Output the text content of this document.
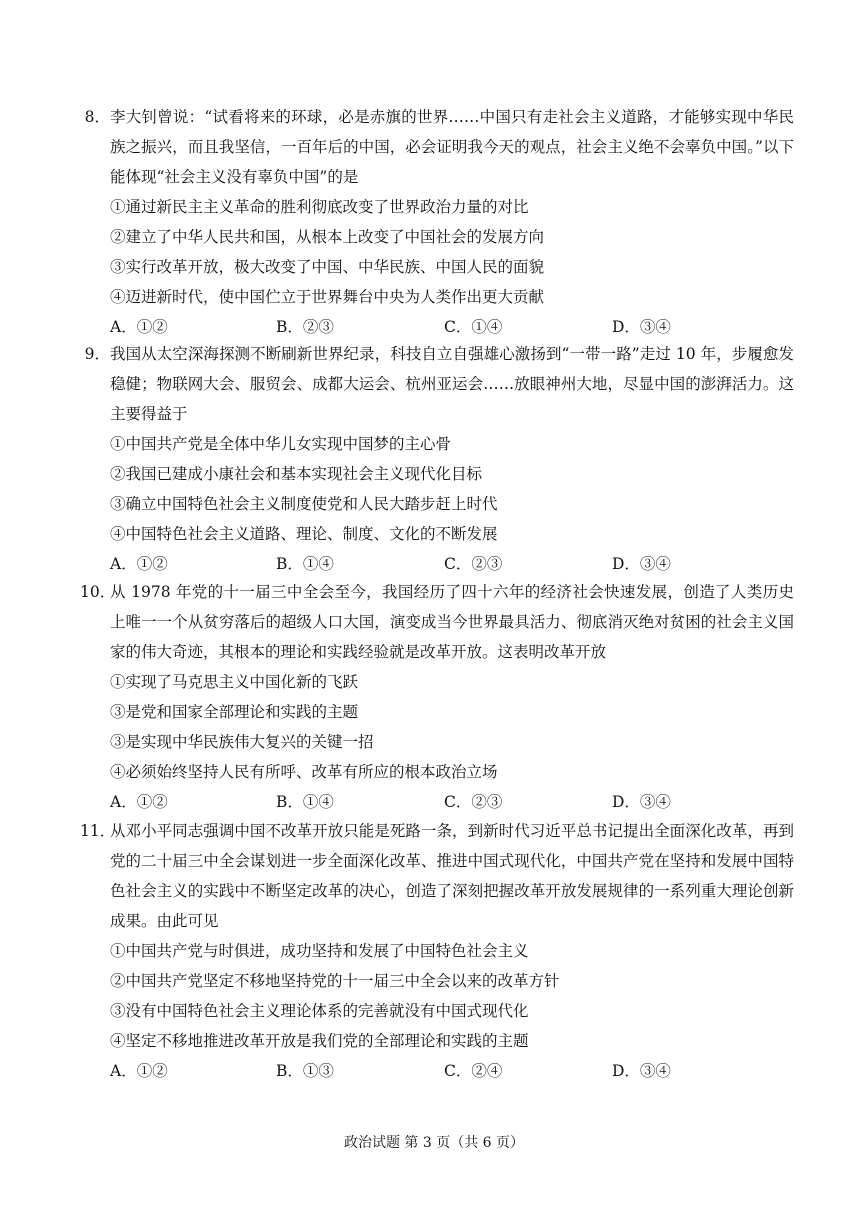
8． 李大钊曾说：“试看将来的环球，必是赤旗的世界……中国只有走社会主义道路，才能够实现中华民族之振兴，而且我坚信，一百年后的中国，必会证明我今天的观点，社会主义绝不会辜负中国。”以下能体现“社会主义没有辜负中国”的是
①通过新民主主义革命的胜利彻底改变了世界政治力量的对比
②建立了中华人民共和国，从根本上改变了中国社会的发展方向
③实行改革开放，极大改变了中国、中华民族、中国人民的面貌
④迈进新时代，使中国伫立于世界舞台中央为人类作出更大贡献
A．①②	B．②③	C．①④	D．③④
9． 我国从太空深海探测不断刷新世界纪录，科技自立自强雄心激扬到“一带一路”走过 10 年，步履愈发稳健；物联网大会、服贸会、成都大运会、杭州亚运会……放眼神州大地，尽显中国的澎湃活力。这主要得益于
①中国共产党是全体中华儿女实现中国梦的主心骨
②我国已建成小康社会和基本实现社会主义现代化目标
③确立中国特色社会主义制度使党和人民大踏步赶上时代
④中国特色社会主义道路、理论、制度、文化的不断发展
A．①②	B．①④	C．②③	D．③④
10．
从 1978 年党的十一届三中全会至今，我国经历了四十六年的经济社会快速发展，创造了人类历史上唯一一个从贫穷落后的超级人口大国，演变成当今世界最具活力、彻底消灭绝对贫困的社会主义国家的伟大奇迹，其根本的理论和实践经验就是改革开放。这表明改革开放
①实现了马克思主义中国化新的飞跃
③是党和国家全部理论和实践的主题
③是实现中华民族伟大复兴的关键一招
④必须始终坚持人民有所呼、改革有所应的根本政治立场
A．①②	B．①④	C．②③	D．③④
11．
从邓小平同志强调中国不改革开放只能是死路一条，到新时代习近平总书记提出全面深化改革，再到党的二十届三中全会谋划进一步全面深化改革、推进中国式现代化，中国共产党在坚持和发展中国特色社会主义的实践中不断坚定改革的决心，创造了深刻把握改革开放发展规律的一系列重大理论创新成果。由此可见
①中国共产党与时俱进，成功坚持和发展了中国特色社会主义
②中国共产党坚定不移地坚持党的十一届三中全会以来的改革方针
③没有中国特色社会主义理论体系的完善就没有中国式现代化
④坚定不移地推进改革开放是我们党的全部理论和实践的主题
A．①②	B．①③	C．②④	D．③④
政治试题 第 3 页（共 6 页）
